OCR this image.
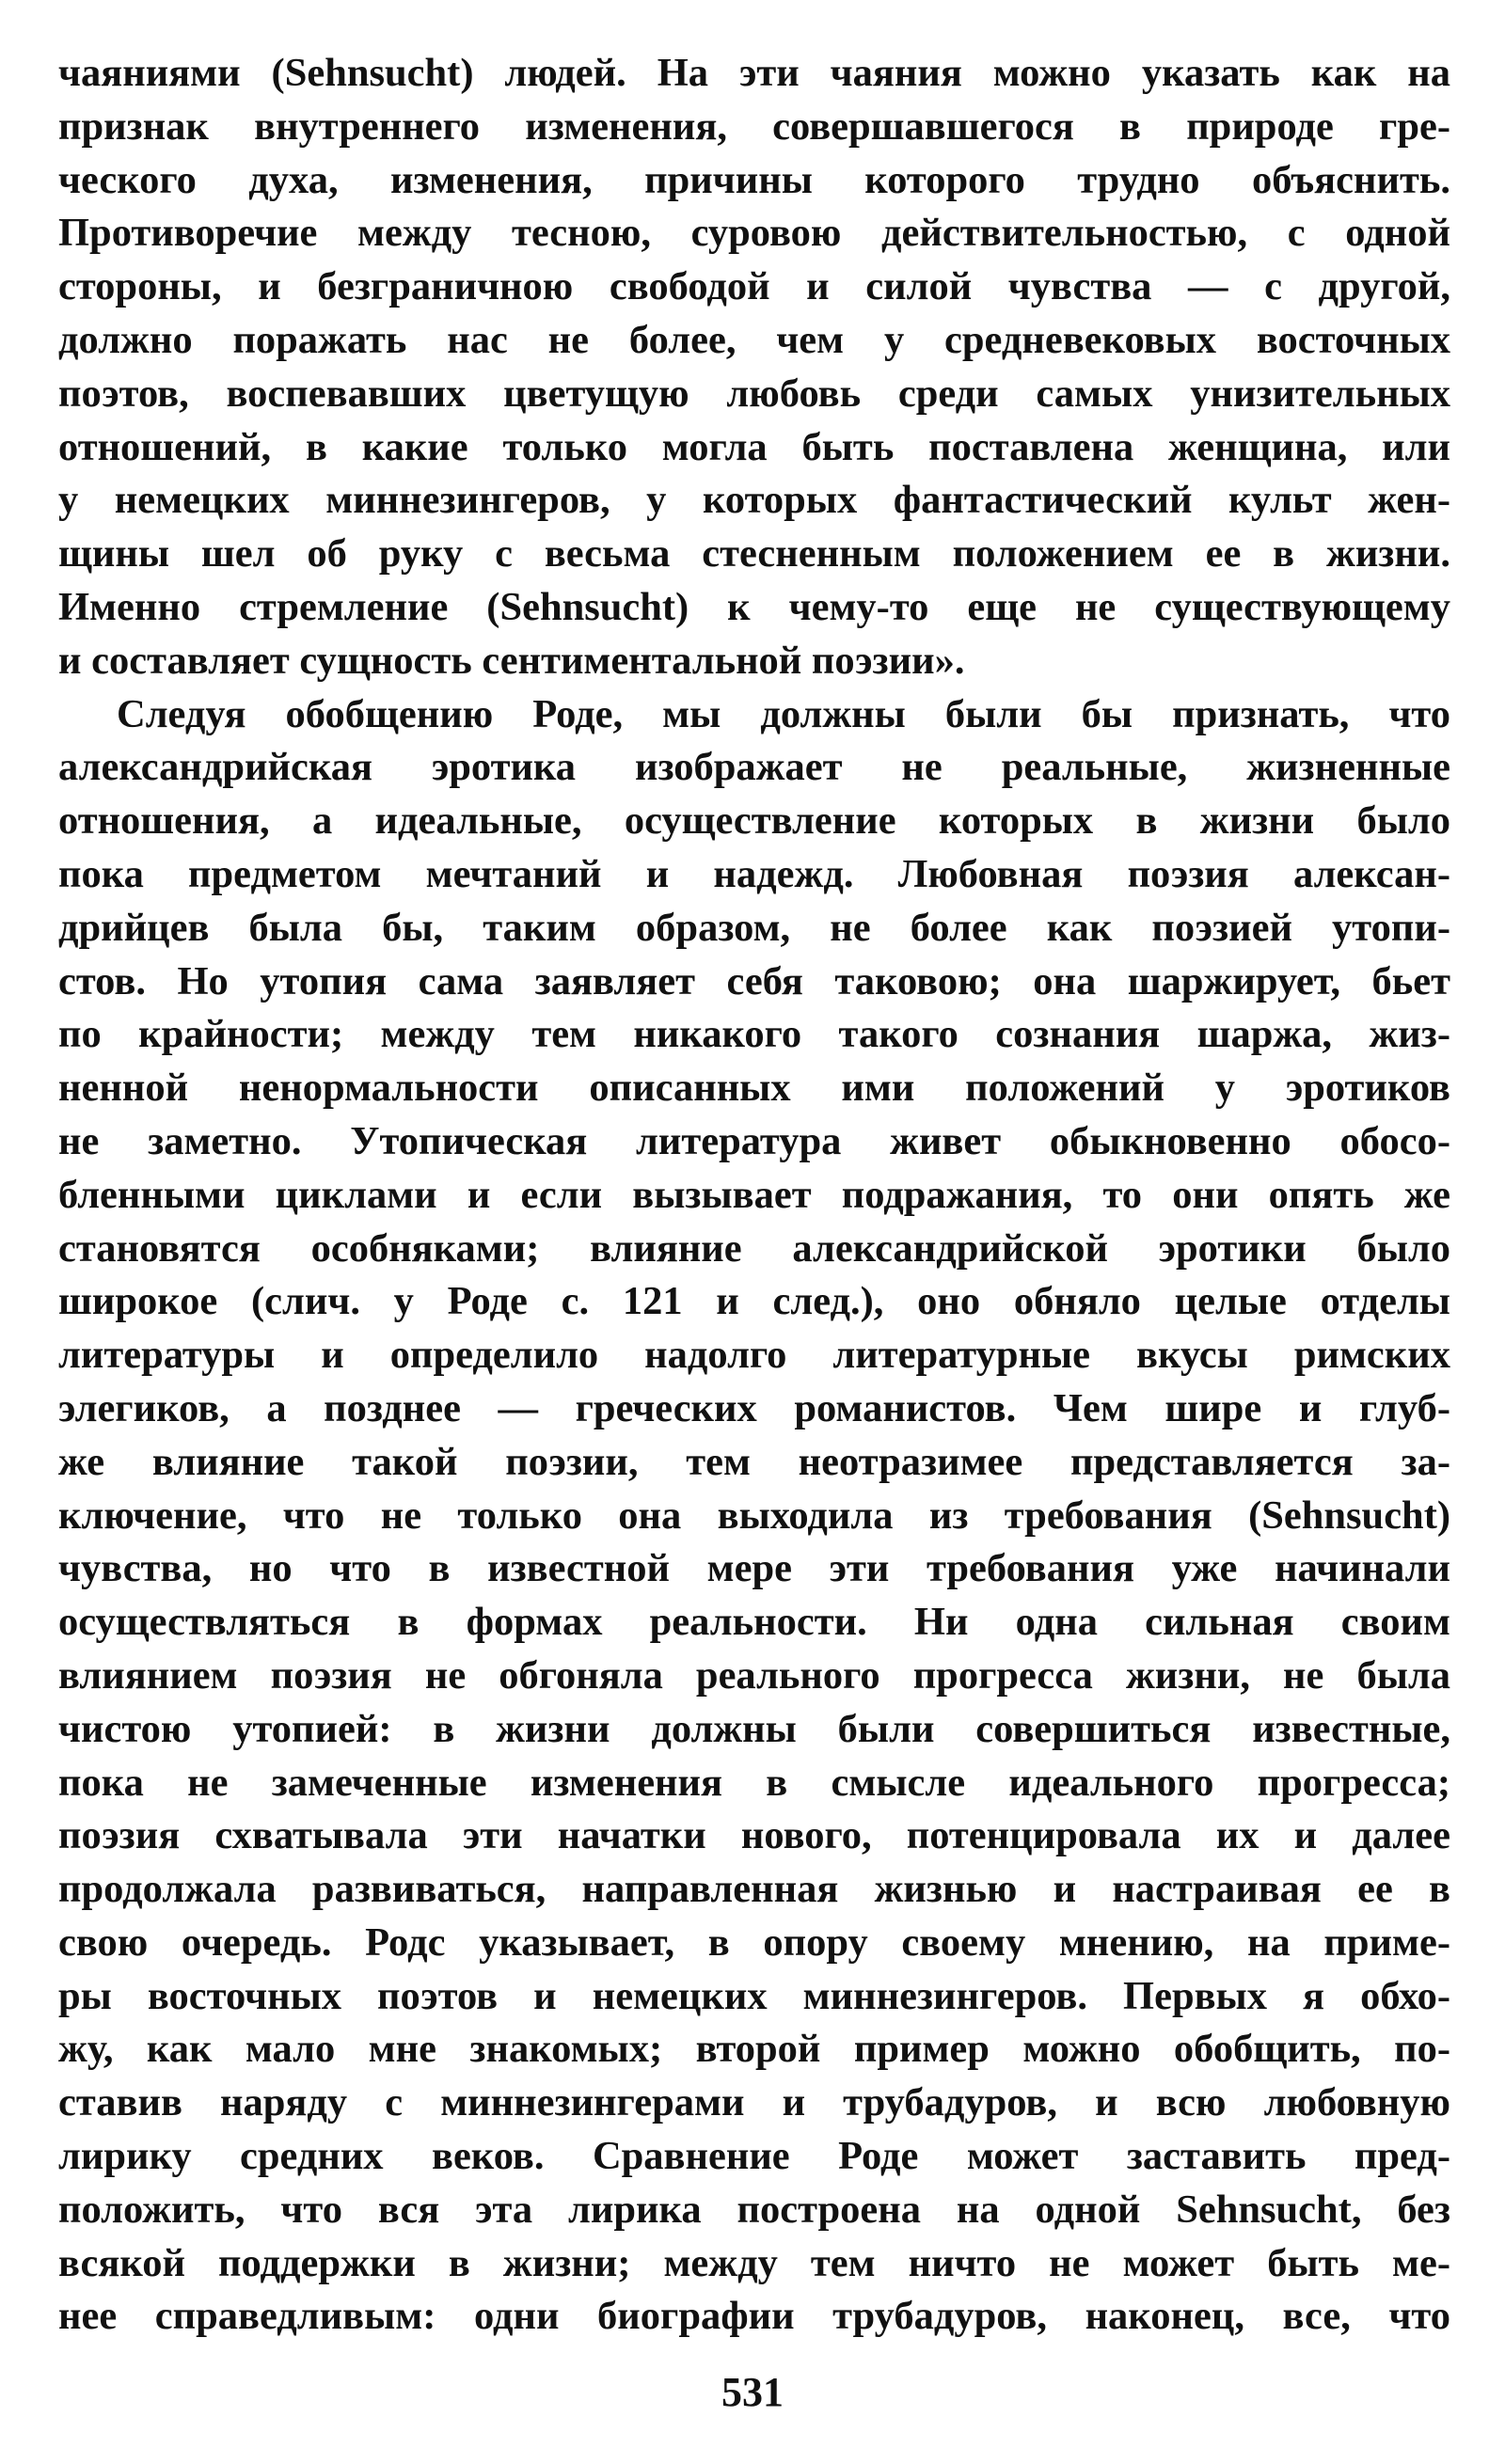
чаяниями (Sehnsucht) людей. На эти чаяния можно указать как на
признак внутреннего изменения, совершавшегося в природе гре-
ческого духа, изменения, причины которого трудно объяснить.
Противоречие между тесною, суровою действительностью, с одной
стороны, и безграничною свободой и силой чувства — с другой,
должно поражать нас не более, чем у средневековых восточных
поэтов, воспевавших цветущую любовь среди самых унизительных
отношений, в какие только могла быть поставлена женщина, или
у немецких миннезингеров, у которых фантастический культ жен-
щины шел об руку с весьма стесненным положением ее в жизни.
Именно стремление (Sehnsucht) к чему-то еще не существующему
и составляет сущность сентиментальной поэзии».
Следуя обобщению Роде, мы должны были бы признать, что
александрийская эротика изображает не реальные, жизненные
отношения, а идеальные, осуществление которых в жизни было
пока предметом мечтаний и надежд. Любовная поэзия алексан-
дрийцев была бы, таким образом, не более как поэзией утопи-
стов. Но утопия сама заявляет себя таковою; она шаржирует, бьет
по крайности; между тем никакого такого сознания шаржа, жиз-
ненной ненормальности описанных ими положений у эротиков
не заметно. Утопическая литература живет обыкновенно обосо-
бленными циклами и если вызывает подражания, то они опять же
становятся особняками; влияние александрийской эротики было
широкое (слич. у Роде с. 121 и след.), оно обняло целые отделы
литературы и определило надолго литературные вкусы римских
элегиков, а позднее — греческих романистов. Чем шире и глуб-
же влияние такой поэзии, тем неотразимее представляется за-
ключение, что не только она выходила из требования (Sehnsucht)
чувства, но что в известной мере эти требования уже начинали
осуществляться в формах реальности. Ни одна сильная своим
влиянием поэзия не обгоняла реального прогресса жизни, не была
чистою утопией: в жизни должны были совершиться известные,
пока не замеченные изменения в смысле идеального прогресса;
поэзия схватывала эти начатки нового, потенцировала их и далее
продолжала развиваться, направленная жизнью и настраивая ее в
свою очередь. Родс указывает, в опору своему мнению, на приме-
ры восточных поэтов и немецких миннезингеров. Первых я обхо-
жу, как мало мне знакомых; второй пример можно обобщить, по-
ставив наряду с миннезингерами и трубадуров, и всю любовную
лирику средних веков. Сравнение Роде может заставить пред-
положить, что вся эта лирика построена на одной Sehnsucht, без
всякой поддержки в жизни; между тем ничто не может быть ме-
нее справедливым: одни биографии трубадуров, наконец, все, что
531
